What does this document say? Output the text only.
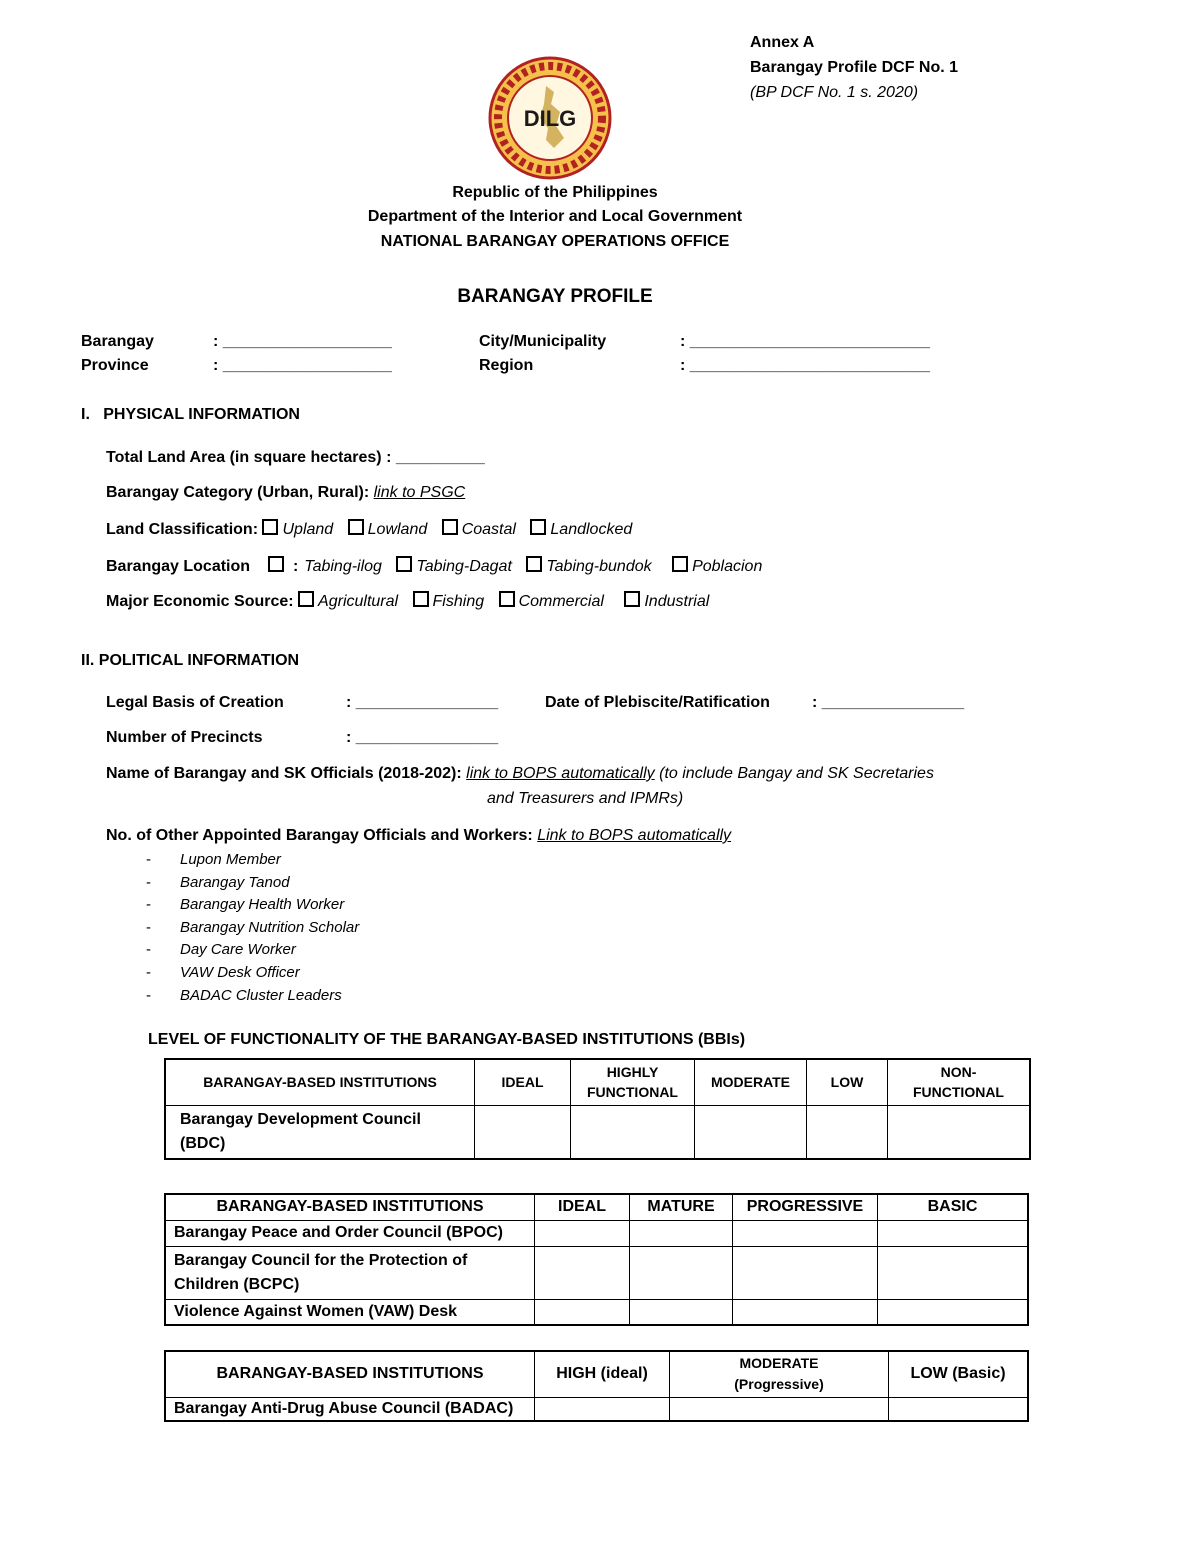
Annex A
Barangay Profile DCF No. 1
(BP DCF No. 1 s. 2020)
DILG
Republic of the Philippines
Department of the Interior and Local Government
NATIONAL BARANGAY OPERATIONS OFFICE
BARANGAY PROFILE
Barangay	: ___________________
Province	: ___________________
City/Municipality	: ___________________________
Region	: ___________________________
I.   PHYSICAL INFORMATION
Total Land Area (in square hectares) : __________
Barangay Category (Urban, Rural): link to PSGC
Land Classification: Upland Lowland Coastal Landlocked
Barangay Location	: Tabing-ilog Tabing-Dagat Tabing-bundok	Poblacion
Major Economic Source: Agricultural Fishing Commercial	Industrial
II. POLITICAL INFORMATION
Legal Basis of Creation	: ________________	Date of Plebiscite/Ratification	: ________________
Number of Precincts	: ________________
Name of Barangay and SK Officials (2018-202): link to BOPS automatically (to include Bangay and SK Secretaries
and Treasurers and IPMRs)
No. of Other Appointed Barangay Officials and Workers: Link to BOPS automatically
- Lupon Member
- Barangay Tanod
- Barangay Health Worker
- Barangay Nutrition Scholar
- Day Care Worker
- VAW Desk Officer
- BADAC Cluster Leaders
LEVEL OF FUNCTIONALITY OF THE BARANGAY-BASED INSTITUTIONS (BBIs)
BARANGAY-BASED INSTITUTIONS	IDEAL	HIGHLY FUNCTIONAL	MODERATE	LOW	NON-FUNCTIONAL
Barangay Development Council (BDC)					
BARANGAY-BASED INSTITUTIONS	IDEAL	MATURE	PROGRESSIVE	BASIC
Barangay Peace and Order Council (BPOC)				
Barangay Council for the Protection of Children (BCPC)				
Violence Against Women (VAW) Desk				
BARANGAY-BASED INSTITUTIONS	HIGH (ideal)	MODERATE (Progressive)	LOW (Basic)
Barangay Anti-Drug Abuse Council (BADAC)			
